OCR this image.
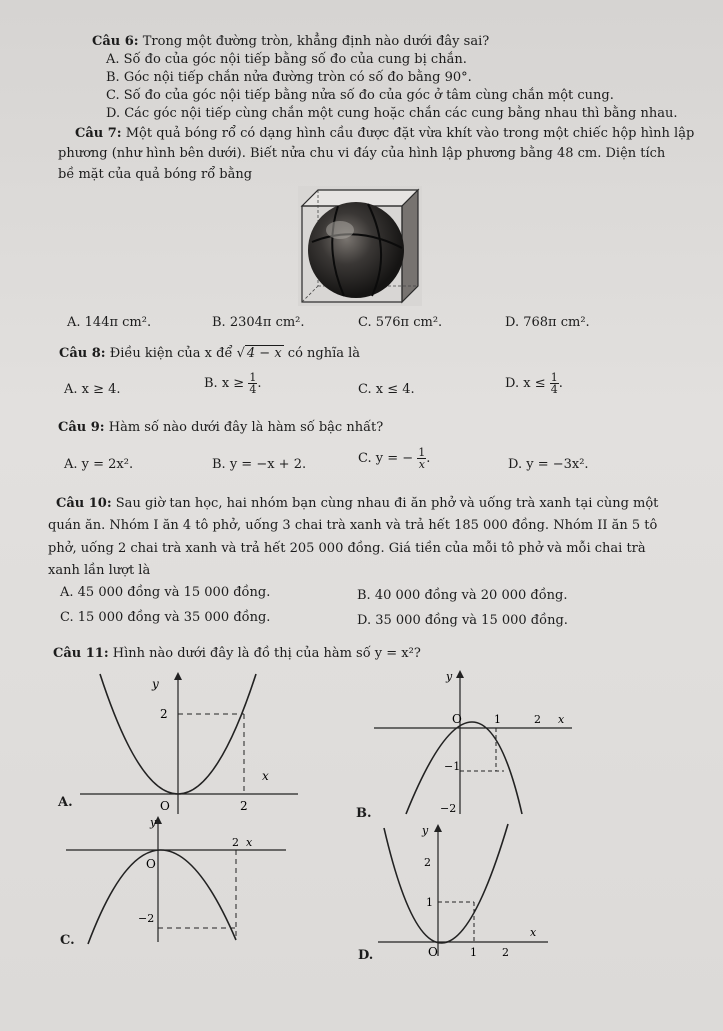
Câu 6: Trong một đường tròn, khẳng định nào dưới đây sai?
A. Số đo của góc nội tiếp bằng số đo của cung bị chắn.
B. Góc nội tiếp chắn nửa đường tròn có số đo bằng 90°.
C. Số đo của góc nội tiếp bằng nửa số đo của góc ở tâm cùng chắn một cung.
D. Các góc nội tiếp cùng chắn một cung hoặc chắn các cung bằng nhau thì bằng nhau.
Câu 7: Một quả bóng rổ có dạng hình cầu được đặt vừa khít vào trong một chiếc hộp hình lập
phương (như hình bên dưới). Biết nửa chu vi đáy của hình lập phương bằng 48 cm. Diện tích
bề mặt của quả bóng rổ bằng
A. 144π cm².	B. 2304π cm².	C. 576π cm².	D. 768π cm².
Câu 8: Điều kiện của x để √ 4 − x có nghĩa là
A. x ≥ 4.	B. $x \ge \frac{1}{4}$ .	C. x ≤ 4.	D. $x \le \frac{1}{4}$ .
Câu 9: Hàm số nào dưới đây là hàm số bậc nhất?
A. y = 2x².	B. y = −x + 2.	C. y = − $\frac{1}{x}$ .	D. y = −3x².
Câu 10: Sau giờ tan học, hai nhóm bạn cùng nhau đi ăn phở và uống trà xanh tại cùng một
quán ăn. Nhóm I ăn 4 tô phở, uống 3 chai trà xanh và trả hết 185 000 đồng. Nhóm II ăn 5 tô
phở, uống 2 chai trà xanh và trả hết 205 000 đồng. Giá tiền của mỗi tô phở và mỗi chai trà
xanh lần lượt là
A. 45 000 đồng và 15 000 đồng.	B. 40 000 đồng và 20 000 đồng.
C. 15 000 đồng và 35 000 đồng.	D. 35 000 đồng và 15 000 đồng.
Câu 11: Hình nào dưới đây là đồ thị của hàm số y = x²?
y
2
x
O	2
A.
y
O	1	2 x
−1
−2
B.
y
O
2 x
−2
C.
y
2
1
O	1 2
x
D.
